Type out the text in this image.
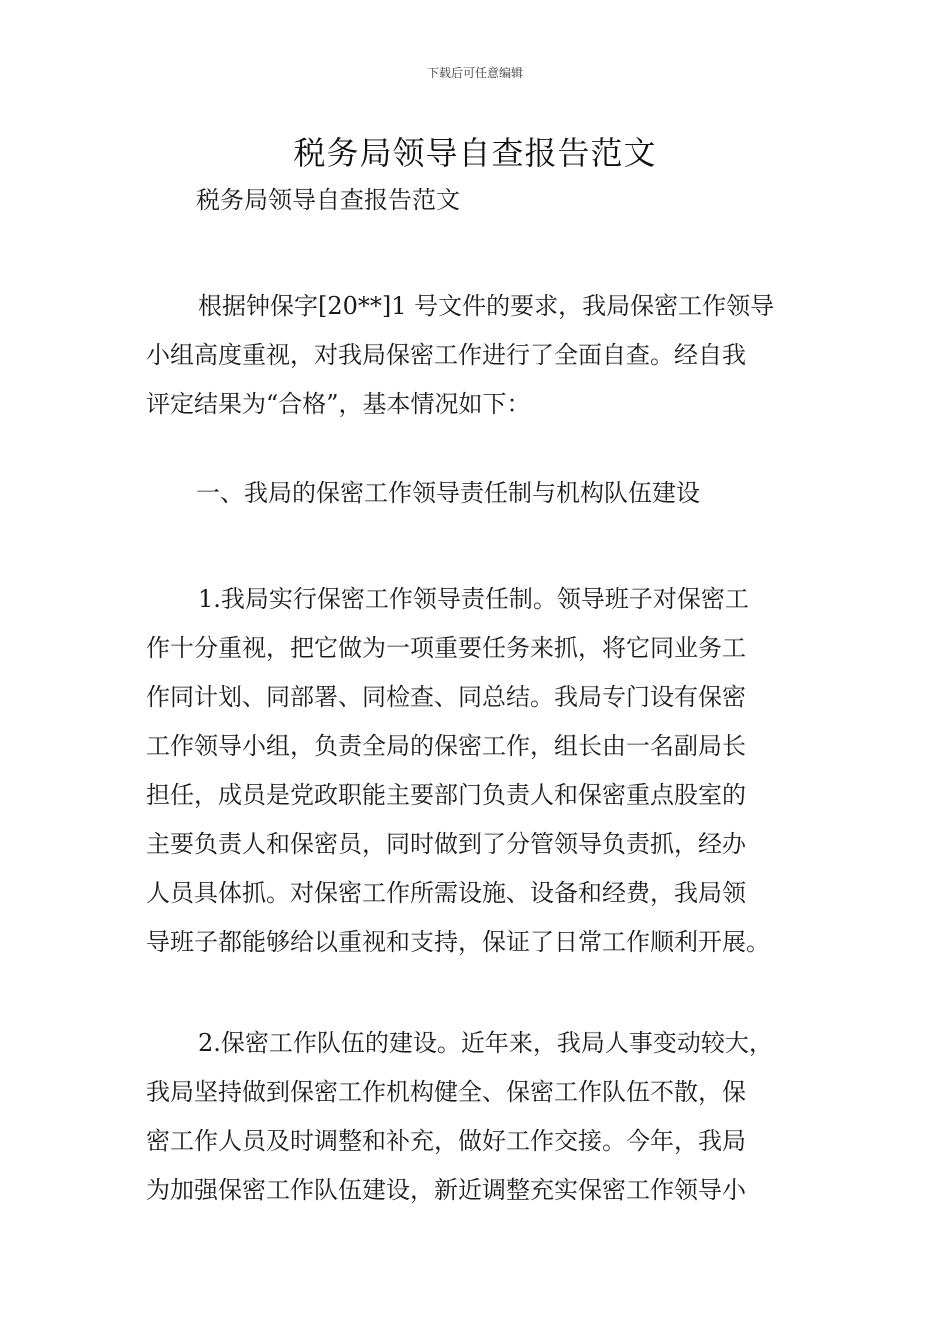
下载后可任意编辑
税务局领导自查报告范文
税务局领导自查报告范文
根据钟保字[20**]1 号文件的要求，我局保密工作领导
小组高度重视，对我局保密工作进行了全面自查。经自我
评定结果为“合格”，基本情况如下：
一、我局的保密工作领导责任制与机构队伍建设
1.我局实行保密工作领导责任制。领导班子对保密工
作十分重视，把它做为一项重要任务来抓，将它同业务工
作同计划、同部署、同检查、同总结。我局专门设有保密
工作领导小组，负责全局的保密工作，组长由一名副局长
担任，成员是党政职能主要部门负责人和保密重点股室的
主要负责人和保密员，同时做到了分管领导负责抓，经办
人员具体抓。对保密工作所需设施、设备和经费，我局领
导班子都能够给以重视和支持，保证了日常工作顺利开展。
2.保密工作队伍的建设。近年来，我局人事变动较大，
我局坚持做到保密工作机构健全、保密工作队伍不散，保
密工作人员及时调整和补充，做好工作交接。今年，我局
为加强保密工作队伍建设，新近调整充实保密工作领导小
